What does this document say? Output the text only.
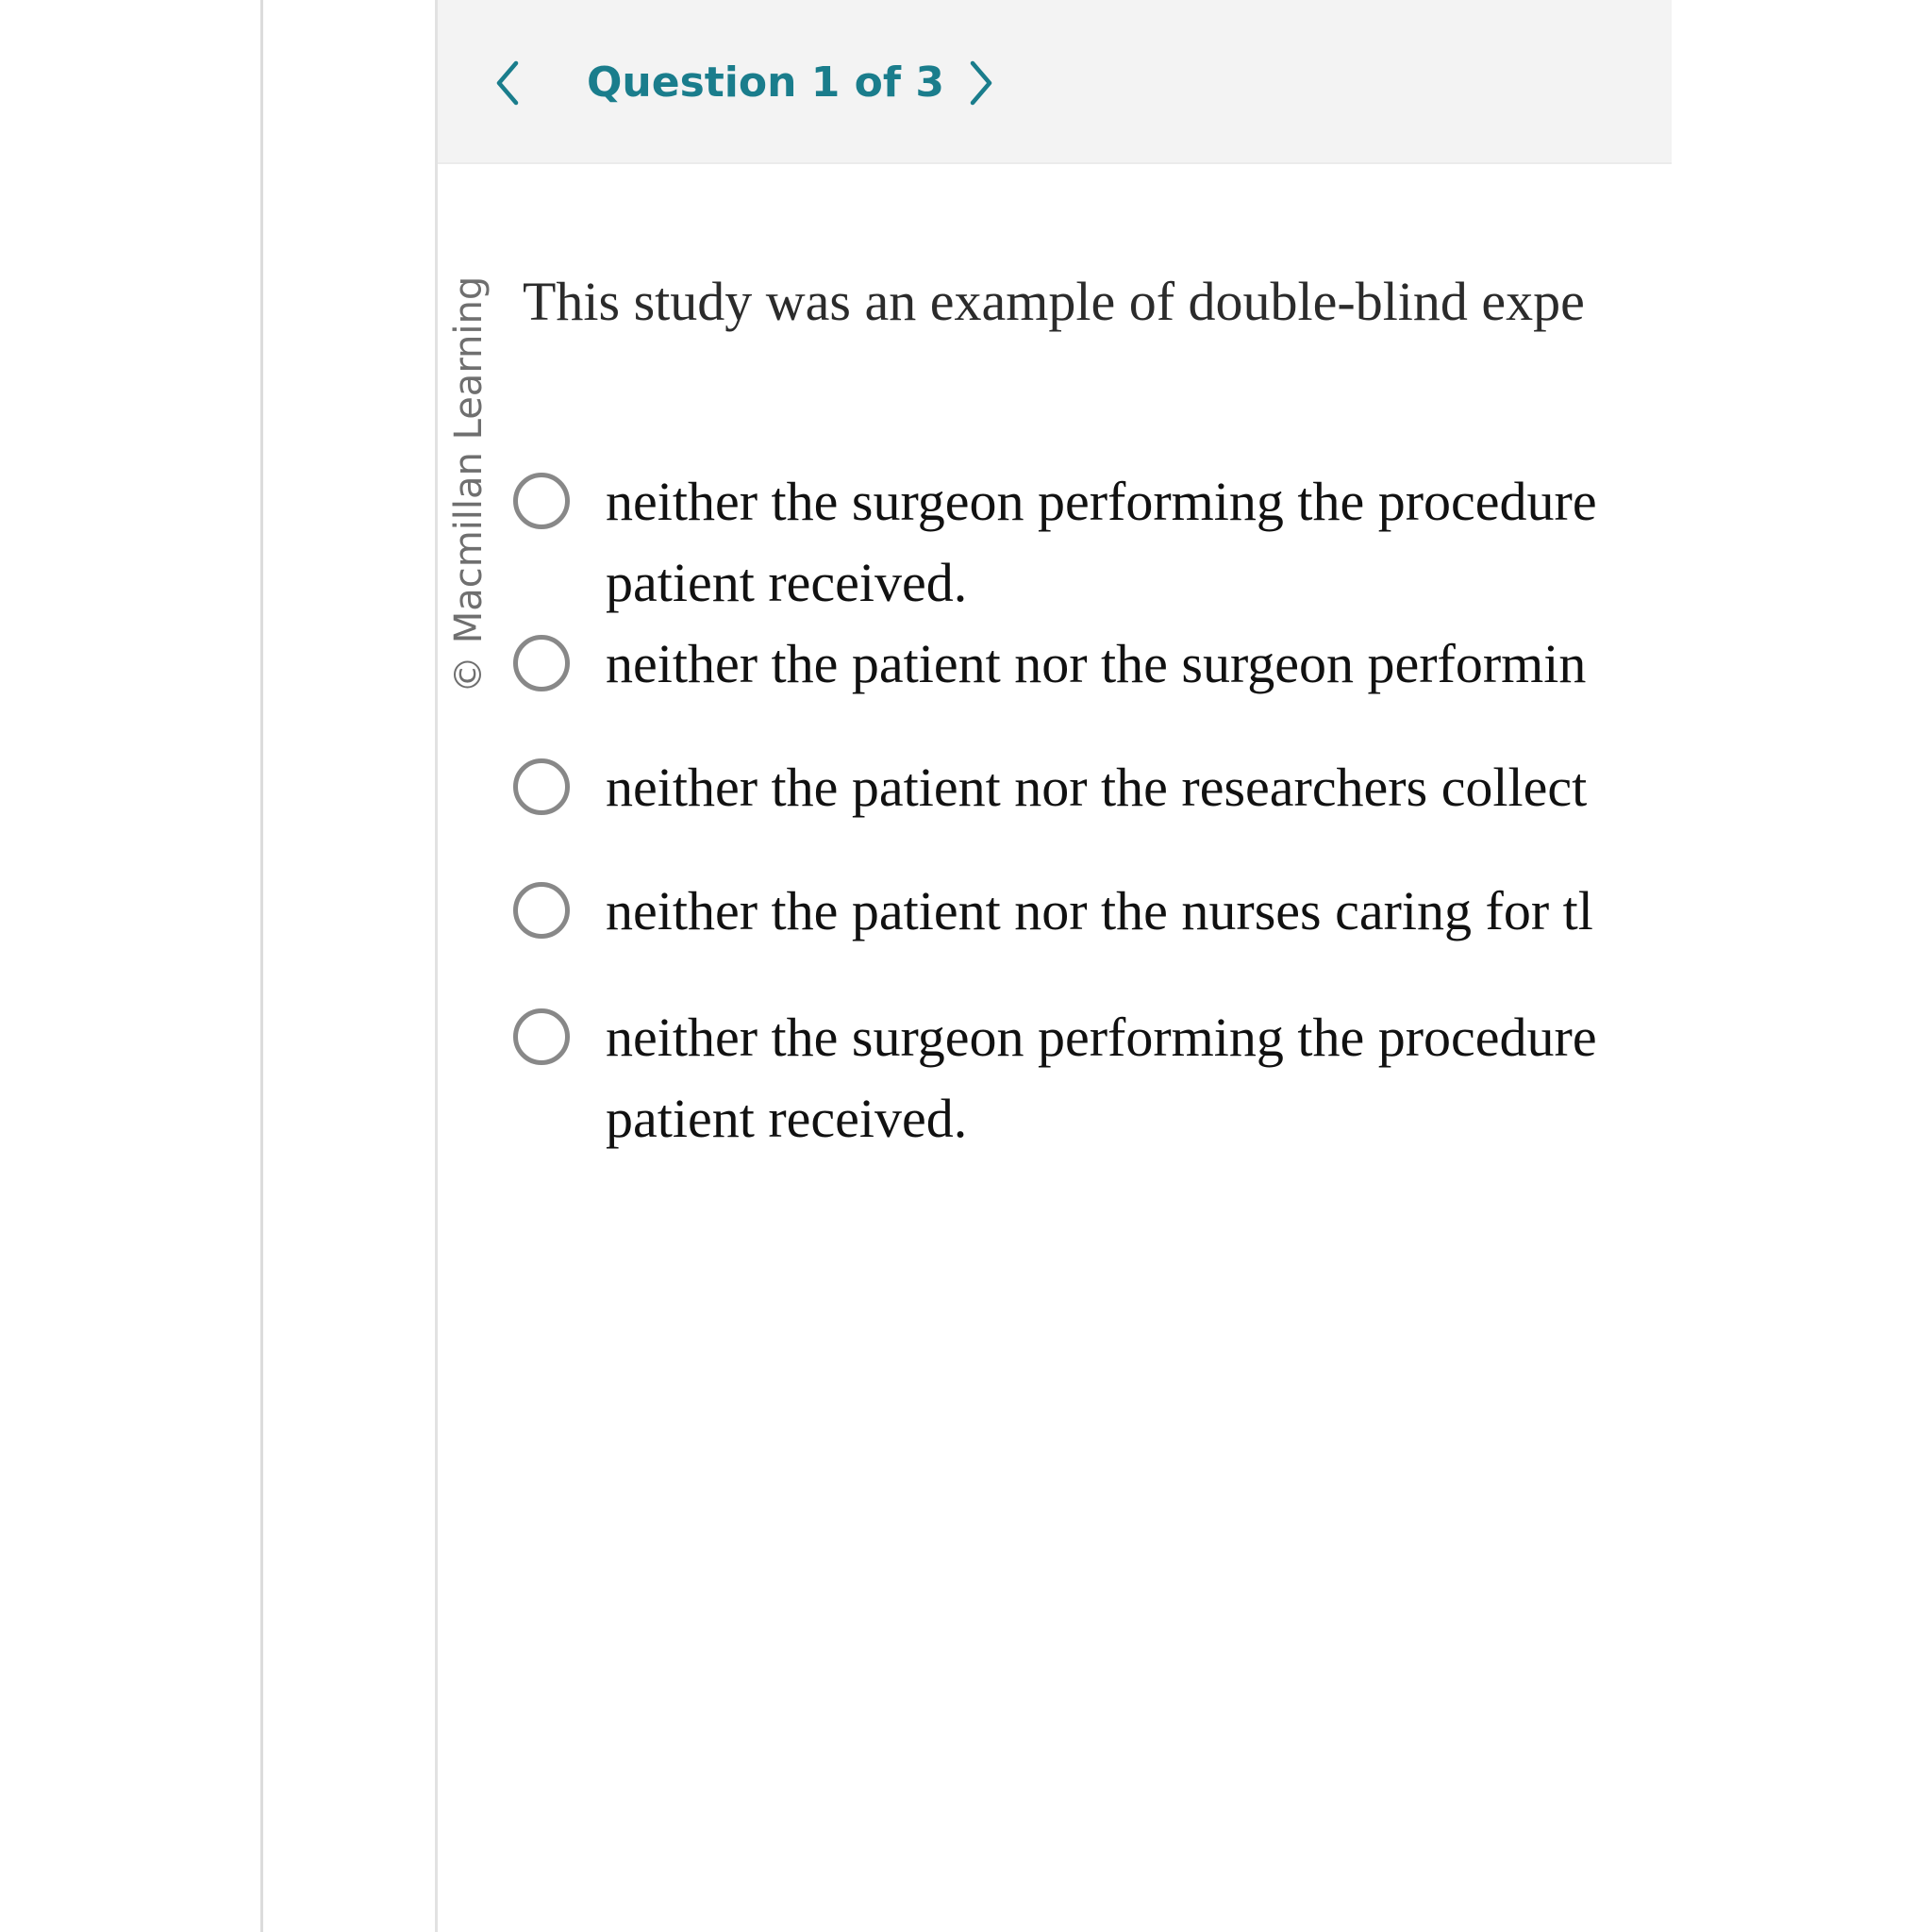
Question 1 of 3
This study was an example of double-blind expe
neither the surgeon performing the procedure
patient received.
neither the patient nor the surgeon performin
neither the patient nor the researchers collect
neither the patient nor the nurses caring for tl
neither the surgeon performing the procedure
patient received.
© Macmillan Learning
